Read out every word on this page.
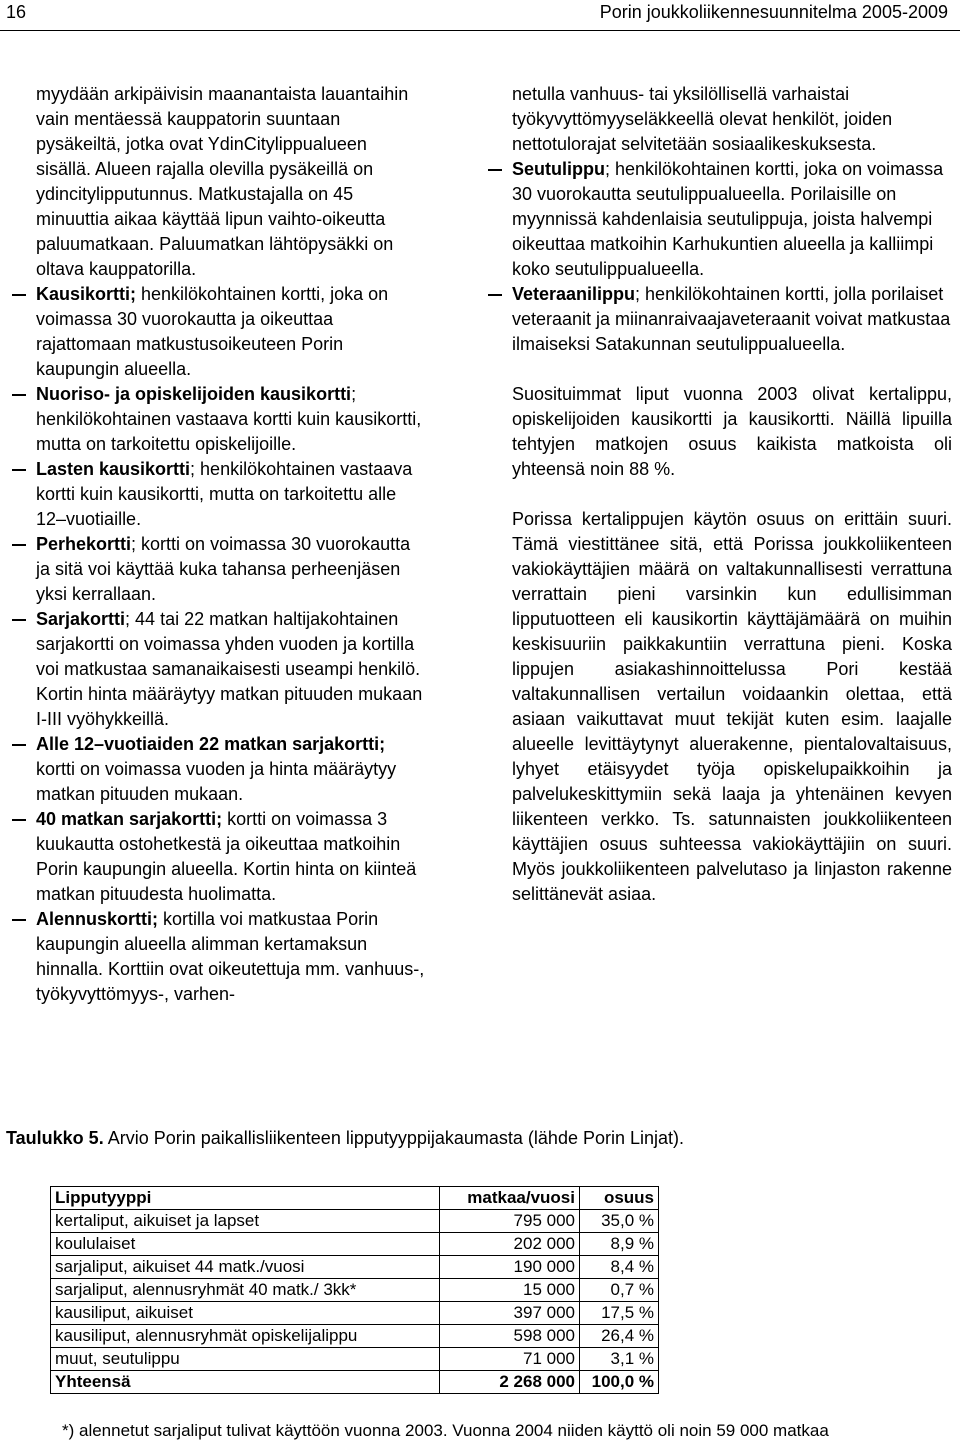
16	Porin joukkoliikennesuunnitelma 2005-2009

myydään arkipäivisin maanantaista lauantaihin vain mentäessä kauppatorin suuntaan pysäkeiltä, jotka ovat YdinCitylippualueen sisällä. Alueen rajalla olevilla pysäkeillä on ydincitylipputunnus. Matkustajalla on 45 minuuttia aikaa käyttää lipun vaihto-oikeutta paluumatkaan. Paluumatkan lähtöpysäkki on oltava kauppatorilla.

Kausikortti; henkilökohtainen kortti, joka on voimassa 30 vuorokautta ja oikeuttaa rajattomaan matkustusoikeuteen Porin kaupungin alueella.
Nuoriso- ja opiskelijoiden kausikortti; henkilökohtainen vastaava kortti kuin kausikortti, mutta on tarkoitettu opiskelijoille.
Lasten kausikortti; henkilökohtainen vastaava kortti kuin kausikortti, mutta on tarkoitettu alle 12–vuotiaille.
Perhekortti; kortti on voimassa 30 vuorokautta ja sitä voi käyttää kuka tahansa perheenjäsen yksi kerrallaan.
Sarjakortti; 44 tai 22 matkan haltijakohtainen sarjakortti on voimassa yhden vuoden ja kortilla voi matkustaa samanaikaisesti useampi henkilö. Kortin hinta määräytyy matkan pituuden mukaan I-III vyöhykkeillä.
Alle 12–vuotiaiden 22 matkan sarjakortti; kortti on voimassa vuoden ja hinta määräytyy matkan pituuden mukaan.
40 matkan sarjakortti; kortti on voimassa 3 kuukautta ostohetkestä ja oikeuttaa matkoihin Porin kaupungin alueella. Kortin hinta on kiinteä matkan pituudesta huolimatta.
Alennuskortti; kortilla voi matkustaa Porin kaupungin alueella alimman kertamaksun hinnalla. Korttiin ovat oikeutettuja mm. vanhuus-, työkyvyttömyys-, varhen-

netulla vanhuus- tai yksilöllisellä varhaistai työkyvyttömyyseläkkeellä olevat henkilöt, joiden nettotulorajat selvitetään sosiaalikeskuksesta.

Seutulippu; henkilökohtainen kortti, joka on voimassa 30 vuorokautta seutulippualueella. Porilaisille on myynnissä kahdenlaisia seutulippuja, joista halvempi oikeuttaa matkoihin Karhukuntien alueella ja kalliimpi koko seutulippualueella.
Veteraanilippu; henkilökohtainen kortti, jolla porilaiset veteraanit ja miinanraivaajaveteraanit voivat matkustaa ilmaiseksi Satakunnan seutulippualueella.

Suosituimmat liput vuonna 2003 olivat kertalippu, opiskelijoiden kausikortti ja kausikortti. Näillä lipuilla tehtyjen matkojen osuus kaikista matkoista oli yhteensä noin 88 %.

Porissa kertalippujen käytön osuus on erittäin suuri. Tämä viestittänee sitä, että Porissa joukkoliikenteen vakiokäyttäjien määrä on valtakunnallisesti verrattuna verrattain pieni varsinkin kun edullisimman lipputuotteen eli kausikortin käyttäjämäärä on muihin keskisuuriin paikkakuntiin verrattuna pieni. Koska lippujen asiakashinnoittelussa Pori kestää valtakunnallisen vertailun voidaankin olettaa, että asiaan vaikuttavat muut tekijät kuten esim. laajalle alueelle levittäytynyt aluerakenne, pientalovaltaisuus, lyhyet etäisyydet työja opiskelupaikkoihin ja palvelukeskittymiin sekä laaja ja yhtenäinen kevyen liikenteen verkko. Ts. satunnaisten joukkoliikenteen käyttäjien osuus suhteessa vakiokäyttäjiin on suuri. Myös joukkoliikenteen palvelutaso ja linjaston rakenne selittänevät asiaa.

Taulukko 5. Arvio Porin paikallisliikenteen lipputyyppijakaumasta (lähde Porin Linjat).
Lipputyyppi	matkaa/vuosi	osuus
kertaliput, aikuiset ja lapset	795 000	35,0 %
koululaiset	202 000	8,9 %
sarjaliput, aikuiset 44 matk./vuosi	190 000	8,4 %
sarjaliput, alennusryhmät 40 matk./ 3kk*	15 000	0,7 %
kausiliput, aikuiset	397 000	17,5 %
kausiliput, alennusryhmät opiskelijalippu	598 000	26,4 %
muut, seutulippu	71 000	3,1 %
Yhteensä	2 268 000	100,0 %
*) alennetut sarjaliput tulivat käyttöön vuonna 2003. Vuonna 2004 niiden käyttö oli noin 59 000 matkaa
